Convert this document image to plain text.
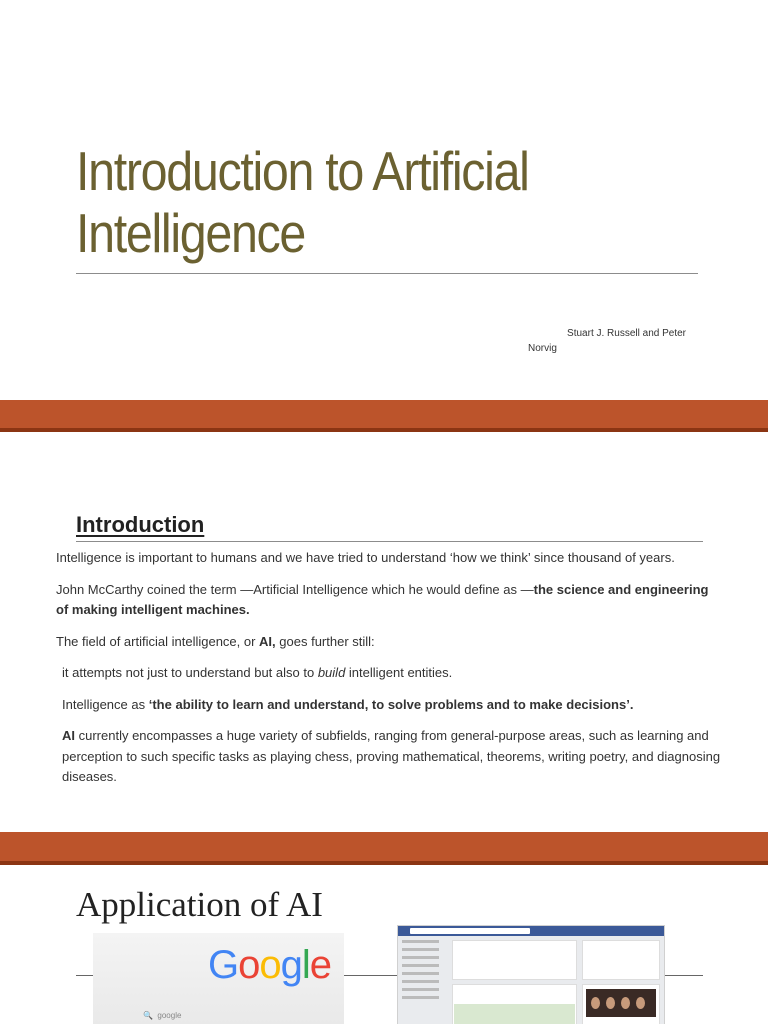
Introduction to Artificial
Intelligence
Stuart J. Russell and Peter
Norvig
Introduction

Intelligence is important to humans and we have tried to understand ‘how we think’ since thousand of years.

John McCarthy coined the term —Artificial Intelligence which he would define as —the science and engineering of making intelligent machines.

The field of artificial intelligence, or AI, goes further still:

it attempts not just to understand but also to build intelligent entities.

Intelligence as ‘the ability to learn and understand, to solve problems and to make decisions’.

AI currently encompasses a huge variety of subfields, ranging from general-purpose areas, such as learning and perception to such specific tasks as playing chess, proving mathematical, theorems, writing poetry, and diagnosing diseases.

Application of AI
Google
🔍  google
